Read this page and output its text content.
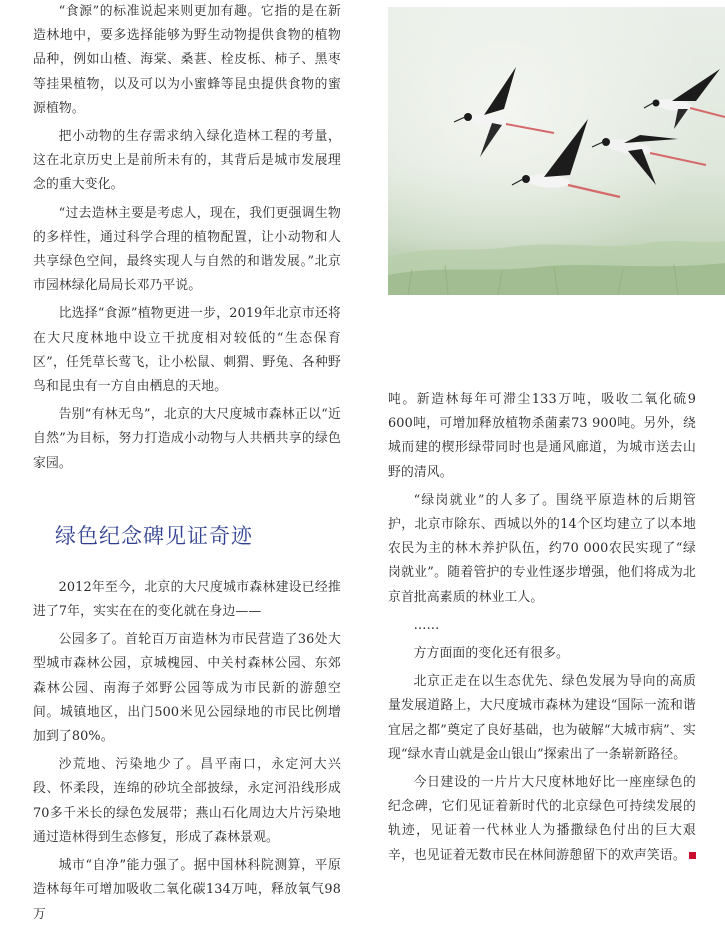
“食源”的标准说起来则更加有趣。它指的是在新造林地中，要多选择能够为野生动物提供食物的植物品种，例如山楂、海棠、桑葚、栓皮栎、柿子、黑枣等挂果植物，以及可以为小蜜蜂等昆虫提供食物的蜜源植物。

把小动物的生存需求纳入绿化造林工程的考量，这在北京历史上是前所未有的，其背后是城市发展理念的重大变化。

“过去造林主要是考虑人，现在，我们更强调生物的多样性，通过科学合理的植物配置，让小动物和人共享绿色空间，最终实现人与自然的和谐发展。”北京市园林绿化局局长邓乃平说。

比选择“食源”植物更进一步，2019年北京市还将在大尺度林地中设立干扰度相对较低的“生态保育区”，任凭草长莺飞，让小松鼠、刺猬、野兔、各种野鸟和昆虫有一方自由栖息的天地。

告别“有林无鸟”，北京的大尺度城市森林正以“近自然”为目标，努力打造成小动物与人共栖共享的绿色家园。

绿色纪念碑见证奇迹

2012年至今，北京的大尺度城市森林建设已经推进了7年，实实在在的变化就在身边——

公园多了。首轮百万亩造林为市民营造了36处大型城市森林公园，京城槐园、中关村森林公园、东郊森林公园、南海子郊野公园等成为市民新的游憩空间。城镇地区，出门500米见公园绿地的市民比例增加到了80%。

沙荒地、污染地少了。昌平南口，永定河大兴段、怀柔段，连绵的砂坑全部披绿，永定河沿线形成70多千米长的绿色发展带；燕山石化周边大片污染地通过造林得到生态修复，形成了森林景观。

城市“自净”能力强了。据中国林科院测算，平原造林每年可增加吸收二氧化碳134万吨，释放氧气98万

吨。新造林每年可滞尘133万吨，吸收二氧化硫9 600吨，可增加释放植物杀菌素73 900吨。另外，绕城而建的楔形绿带同时也是通风廊道，为城市送去山野的清风。

“绿岗就业”的人多了。围绕平原造林的后期管护，北京市除东、西城以外的14个区均建立了以本地农民为主的林木养护队伍，约70 000农民实现了“绿岗就业”。随着管护的专业性逐步增强，他们将成为北京首批高素质的林业工人。

……

方方面面的变化还有很多。

北京正走在以生态优先、绿色发展为导向的高质量发展道路上，大尺度城市森林为建设“国际一流和谐宜居之都”奠定了良好基础，也为破解“大城市病”、实现“绿水青山就是金山银山”探索出了一条崭新路径。

今日建设的一片片大尺度林地好比一座座绿色的纪念碑，它们见证着新时代的北京绿色可持续发展的轨迹，见证着一代林业人为播撒绿色付出的巨大艰辛，也见证着无数市民在林间游憩留下的欢声笑语。
